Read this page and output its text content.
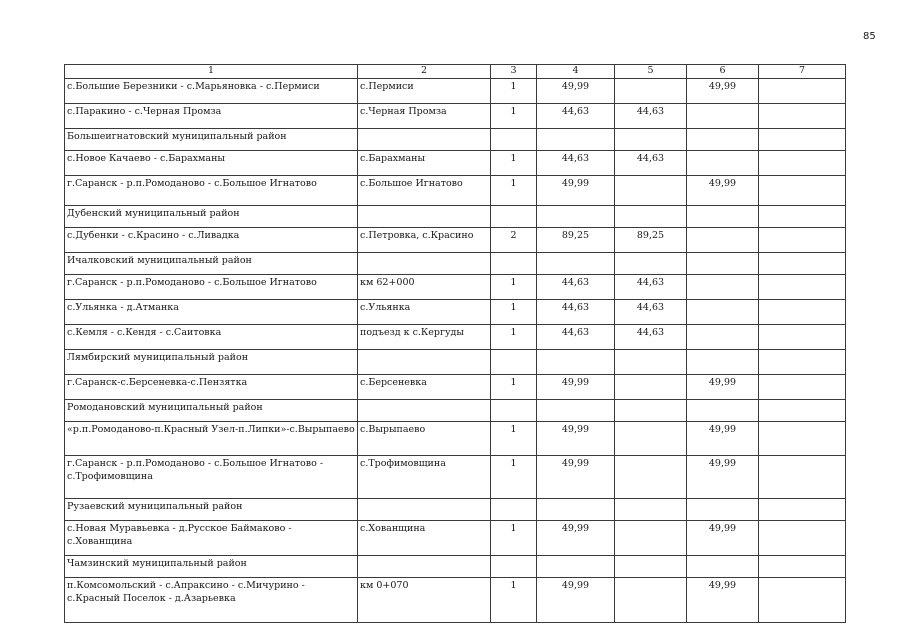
85
1	2	3	4	5	6	7
с.Большие Березники - с.Марьяновка - с.Пермиси	с.Пермиси	1	49,99		49,99	
с.Паракино - с.Черная Промза	с.Черная Промза	1	44,63	44,63		
Большеигнатовский муниципальный район						
с.Новое Качаево - с.Барахманы	с.Барахманы	1	44,63	44,63		
г.Саранск - р.п.Ромоданово - с.Большое Игнатово	с.Большое Игнатово	1	49,99		49,99	
Дубенский муниципальный район						
с.Дубенки - с.Красино - с.Ливадка	с.Петровка, с.Красино	2	89,25	89,25		
Ичалковский муниципальный район						
г.Саранск - р.п.Ромоданово - с.Большое Игнатово	км 62+000	1	44,63	44,63		
с.Ульянка - д.Атманка	с.Ульянка	1	44,63	44,63		
с.Кемля - с.Кендя - с.Саитовка	подъезд к с.Кергуды	1	44,63	44,63		
Лямбирский муниципальный район						
г.Саранск-с.Берсеневка-с.Пензятка	с.Берсеневка	1	49,99		49,99	
Ромодановский муниципальный район						
«р.п.Ромоданово-п.Красный Узел-п.Липки»-с.Вырыпаево	с.Вырыпаево	1	49,99		49,99	
г.Саранск - р.п.Ромоданово - с.Большое Игнатово - с.Трофимовщина	с.Трофимовщина	1	49,99		49,99	
Рузаевский муниципальный район						
с.Новая Муравьевка - д.Русское Баймаково - с.Хованщина	с.Хованщина	1	49,99		49,99	
Чамзинский муниципальный район						
п.Комсомольский - с.Апраксино - с.Мичурино - с.Красный Поселок - д.Азарьевка	км 0+070	1	49,99		49,99	
